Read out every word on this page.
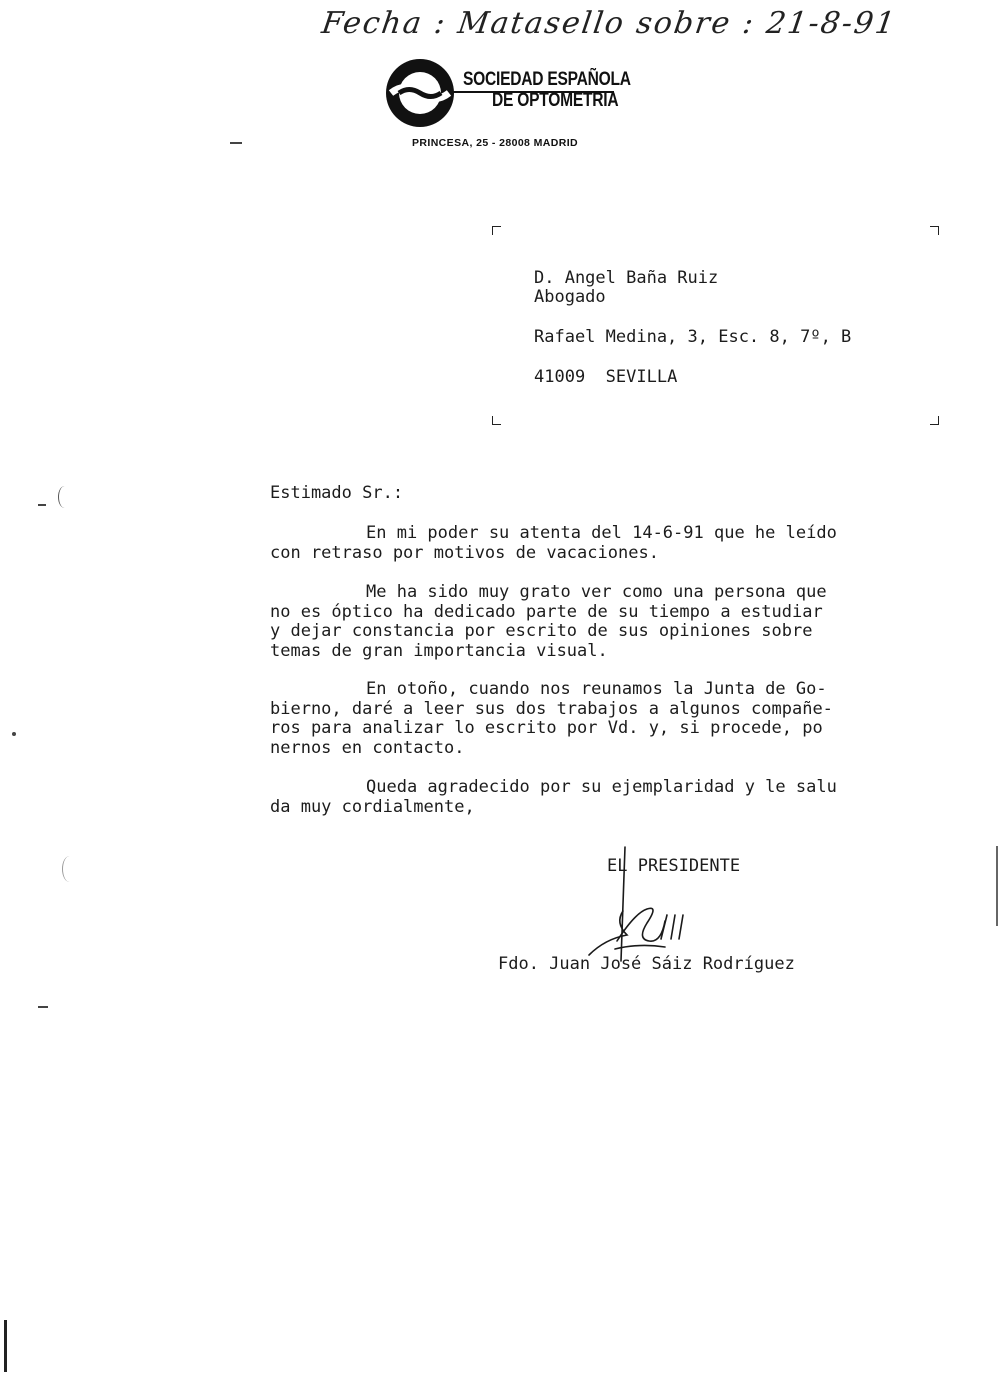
Fecha : Matasello sobre : 21-8-91
SOCIEDAD ESPAÑOLA
DE OPTOMETRIA
PRINCESA, 25 - 28008 MADRID
D. Angel Baña Ruiz
Abogado
Rafael Medina, 3, Esc. 8, 7º, B
41009 SEVILLA
Estimado Sr.:
En mi poder su atenta del 14-6-91 que he leído
con retraso por motivos de vacaciones.
Me ha sido muy grato ver como una persona que
no es óptico ha dedicado parte de su tiempo a estudiar
y dejar constancia por escrito de sus opiniones sobre
temas de gran importancia visual.
En otoño, cuando nos reunamos la Junta de Go-
bierno, daré a leer sus dos trabajos a algunos compañe-
ros para analizar lo escrito por Vd. y, si procede, po
nernos en contacto.
Queda agradecido por su ejemplaridad y le salu
da muy cordialmente,
EL PRESIDENTE
Fdo. Juan José Sáiz Rodríguez
